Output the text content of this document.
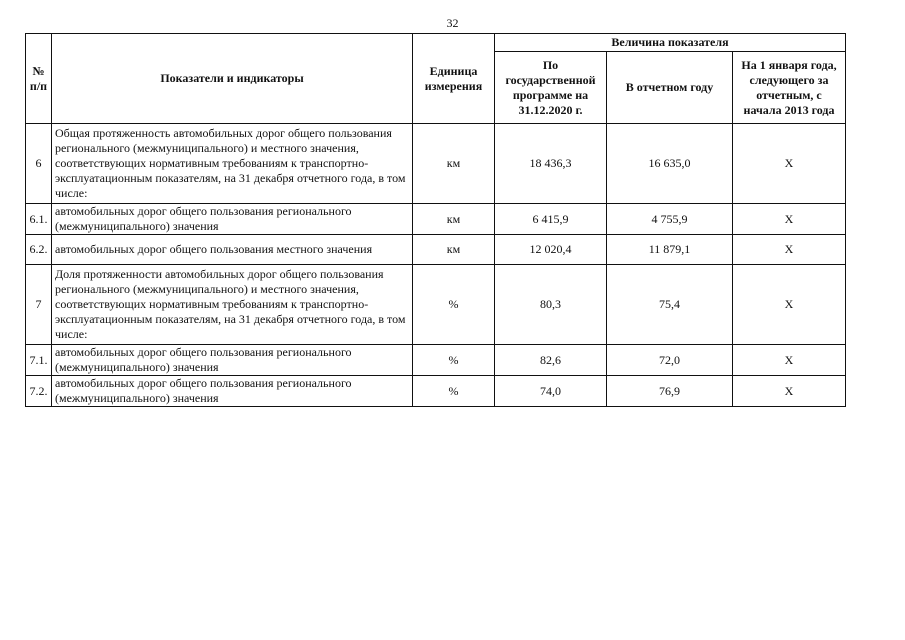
32
№ п/п	Показатели и индикаторы	Единица измерения	Величина показателя		
			По государственной программе на 31.12.2020 г.	В отчетном году	На 1 января года, следующего за отчетным, с начала 2013 года
6	Общая протяженность автомобильных дорог общего пользования регионального (межмуниципального) и местного значения, соответствующих нормативным требованиям к транспортно-эксплуатационным показателям, на 31 декабря отчетного года, в том числе:	км	18 436,3	16 635,0	Х
6.1.	автомобильных дорог общего пользования регионального (межмуниципального) значения	км	6 415,9	4 755,9	Х
6.2.	автомобильных дорог общего пользования местного значения	км	12 020,4	11 879,1	Х
7	Доля протяженности автомобильных дорог общего пользования регионального (межмуниципального) и местного значения, соответствующих нормативным требованиям к транспортно-эксплуатационным показателям, на 31 декабря отчетного года, в том числе:	%	80,3	75,4	Х
7.1.	автомобильных дорог общего пользования регионального (межмуниципального) значения	%	82,6	72,0	Х
7.2.	автомобильных дорог общего пользования регионального (межмуниципального) значения	%	74,0	76,9	Х
